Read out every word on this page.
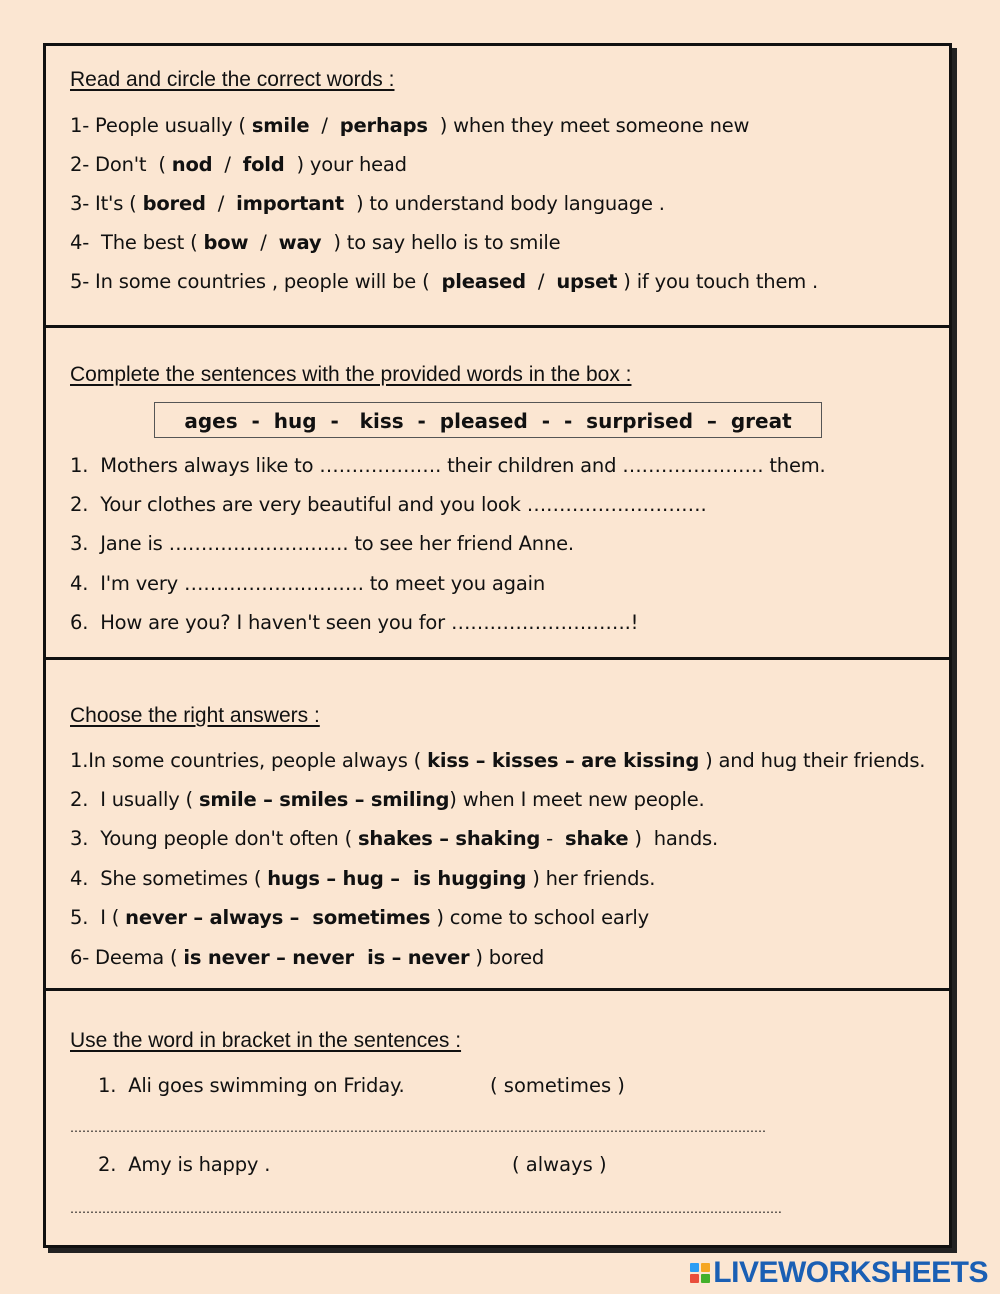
Read and circle the correct words :
1- People usually ( smile  /  perhaps  ) when they meet someone new
2- Don't  ( nod  /  fold  ) your head
3- It's ( bored  /  important  ) to understand body language .
4-  The best ( bow  /  way  ) to say hello is to smile
5- In some countries , people will be (  pleased  /  upset ) if you touch them .
Complete the sentences with the provided words in the box :
ages  -  hug  -   kiss  -  pleased  -  -  surprised  –  great
1.  Mothers always like to ………………. their children and …………………. them.
2.  Your clothes are very beautiful and you look ……………………….
3.  Jane is ………………………. to see her friend Anne.
4.  I'm very ………………………. to meet you again
6.  How are you? I haven't seen you for ……………………….!
Choose the right answers :
1.In some countries, people always ( kiss – kisses – are kissing ) and hug their friends.
2.  I usually ( smile – smiles – smiling) when I meet new people.
3.  Young people don't often ( shakes – shaking -  shake )  hands.
4.  She sometimes ( hugs – hug –  is hugging ) her friends.
5.  I ( never – always –  sometimes ) come to school early
6- Deema ( is never – never  is – never ) bored
Use the word in bracket in the sentences :
1.  Ali goes swimming on Friday.	( sometimes )
…………………………………………………………………………………………………………………………………………………………
2.  Amy is happy .	( always )
…………………………………………………………………………………………………………………………………………………………….
LIVEWORKSHEETS
